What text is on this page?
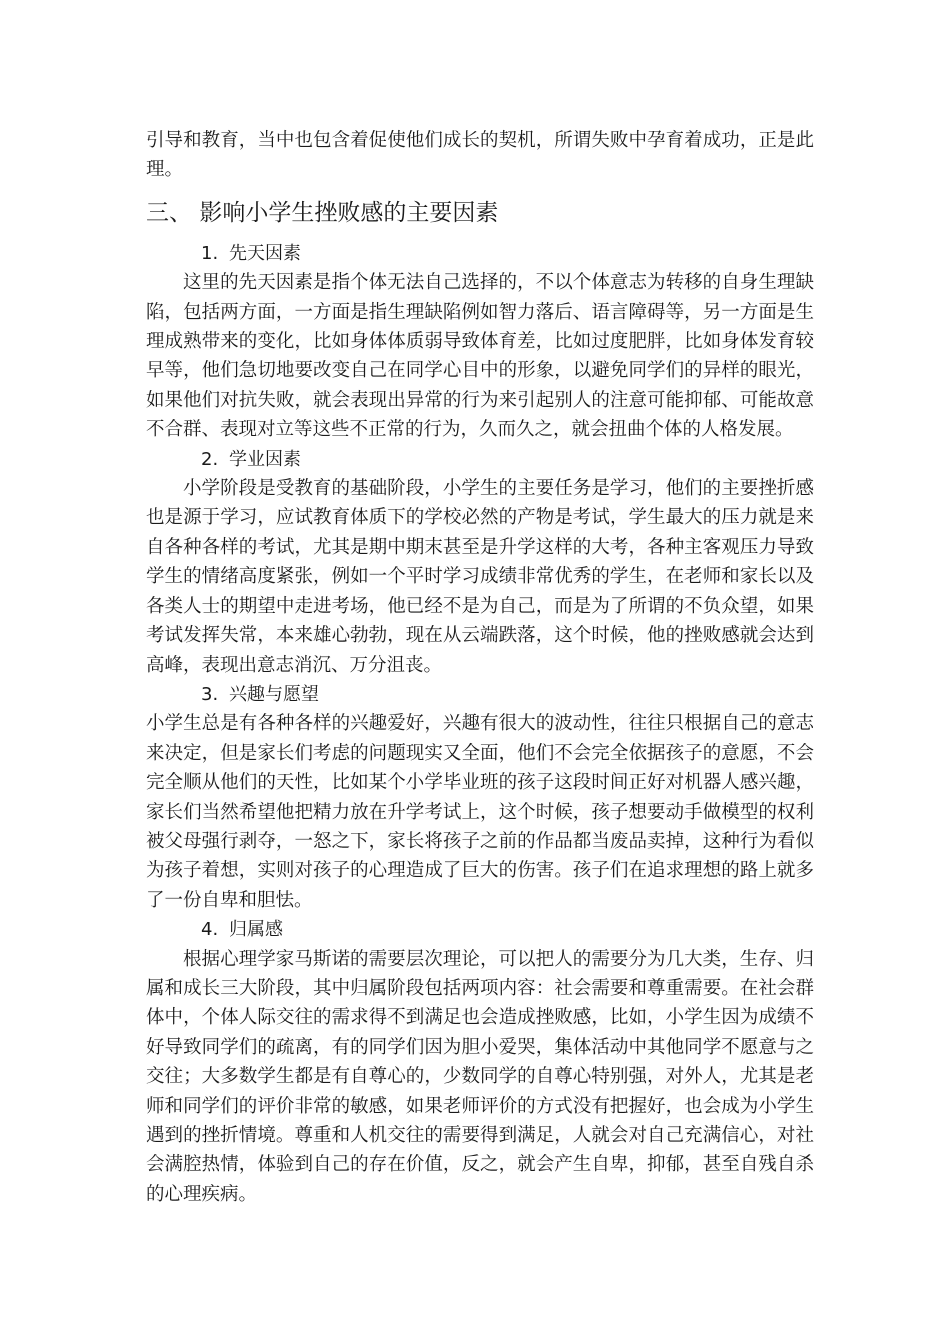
引导和教育，当中也包含着促使他们成长的契机，所谓失败中孕育着成功，正是此理。

三、 影响小学生挫败感的主要因素
1. 先天因素

这里的先天因素是指个体无法自己选择的，不以个体意志为转移的自身生理缺陷，包括两方面，一方面是指生理缺陷例如智力落后、语言障碍等，另一方面是生理成熟带来的变化，比如身体体质弱导致体育差，比如过度肥胖，比如身体发育较早等，他们急切地要改变自己在同学心目中的形象，以避免同学们的异样的眼光，如果他们对抗失败，就会表现出异常的行为来引起别人的注意可能抑郁、可能故意不合群、表现对立等这些不正常的行为，久而久之，就会扭曲个体的人格发展。

2. 学业因素

小学阶段是受教育的基础阶段，小学生的主要任务是学习，他们的主要挫折感也是源于学习，应试教育体质下的学校必然的产物是考试，学生最大的压力就是来自各种各样的考试，尤其是期中期末甚至是升学这样的大考，各种主客观压力导致学生的情绪高度紧张，例如一个平时学习成绩非常优秀的学生，在老师和家长以及各类人士的期望中走进考场，他已经不是为自己，而是为了所谓的不负众望，如果考试发挥失常，本来雄心勃勃，现在从云端跌落，这个时候，他的挫败感就会达到高峰，表现出意志消沉、万分沮丧。

3. 兴趣与愿望

小学生总是有各种各样的兴趣爱好，兴趣有很大的波动性，往往只根据自己的意志来决定，但是家长们考虑的问题现实又全面，他们不会完全依据孩子的意愿，不会完全顺从他们的天性，比如某个小学毕业班的孩子这段时间正好对机器人感兴趣，家长们当然希望他把精力放在升学考试上，这个时候，孩子想要动手做模型的权利被父母强行剥夺，一怒之下，家长将孩子之前的作品都当废品卖掉，这种行为看似为孩子着想，实则对孩子的心理造成了巨大的伤害。孩子们在追求理想的路上就多了一份自卑和胆怯。

4. 归属感

根据心理学家马斯诺的需要层次理论，可以把人的需要分为几大类，生存、归属和成长三大阶段，其中归属阶段包括两项内容：社会需要和尊重需要。在社会群体中，个体人际交往的需求得不到满足也会造成挫败感，比如，小学生因为成绩不好导致同学们的疏离，有的同学们因为胆小爱哭，集体活动中其他同学不愿意与之交往；大多数学生都是有自尊心的，少数同学的自尊心特别强，对外人，尤其是老师和同学们的评价非常的敏感，如果老师评价的方式没有把握好，也会成为小学生遇到的挫折情境。尊重和人机交往的需要得到满足，人就会对自己充满信心，对社会满腔热情，体验到自己的存在价值，反之，就会产生自卑，抑郁，甚至自残自杀的心理疾病。
